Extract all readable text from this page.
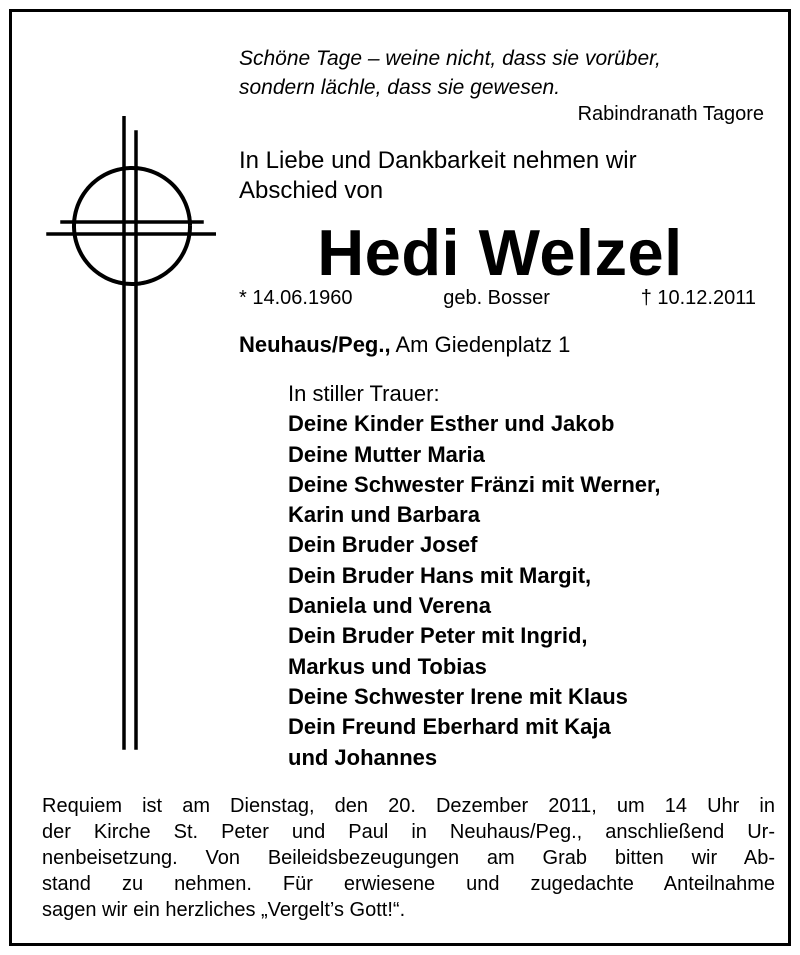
Schöne Tage – weine nicht, dass sie vorüber,
sondern lächle, dass sie gewesen.
Rabindranath Tagore
In Liebe und Dankbarkeit nehmen wir
Abschied von
Hedi Welzel
* 14.06.1960	geb. Bosser	† 10.12.2011
Neuhaus/Peg., Am Giedenplatz 1
In stiller Trauer:
Deine Kinder Esther und Jakob
Deine Mutter Maria
Deine Schwester Fränzi mit Werner,
Karin und Barbara
Dein Bruder Josef
Dein Bruder Hans mit Margit,
Daniela und Verena
Dein Bruder Peter mit Ingrid,
Markus und Tobias
Deine Schwester Irene mit Klaus
Dein Freund Eberhard mit Kaja
und Johannes
Requiem ist am Dienstag, den 20. Dezember 2011, um 14 Uhr in
der Kirche St. Peter und Paul in Neuhaus/Peg., anschließend Ur-
nenbeisetzung. Von Beileidsbezeugungen am Grab bitten wir Ab-
stand zu nehmen. Für erwiesene und zugedachte Anteilnahme
sagen wir ein herzliches „Vergelt’s Gott!“.
